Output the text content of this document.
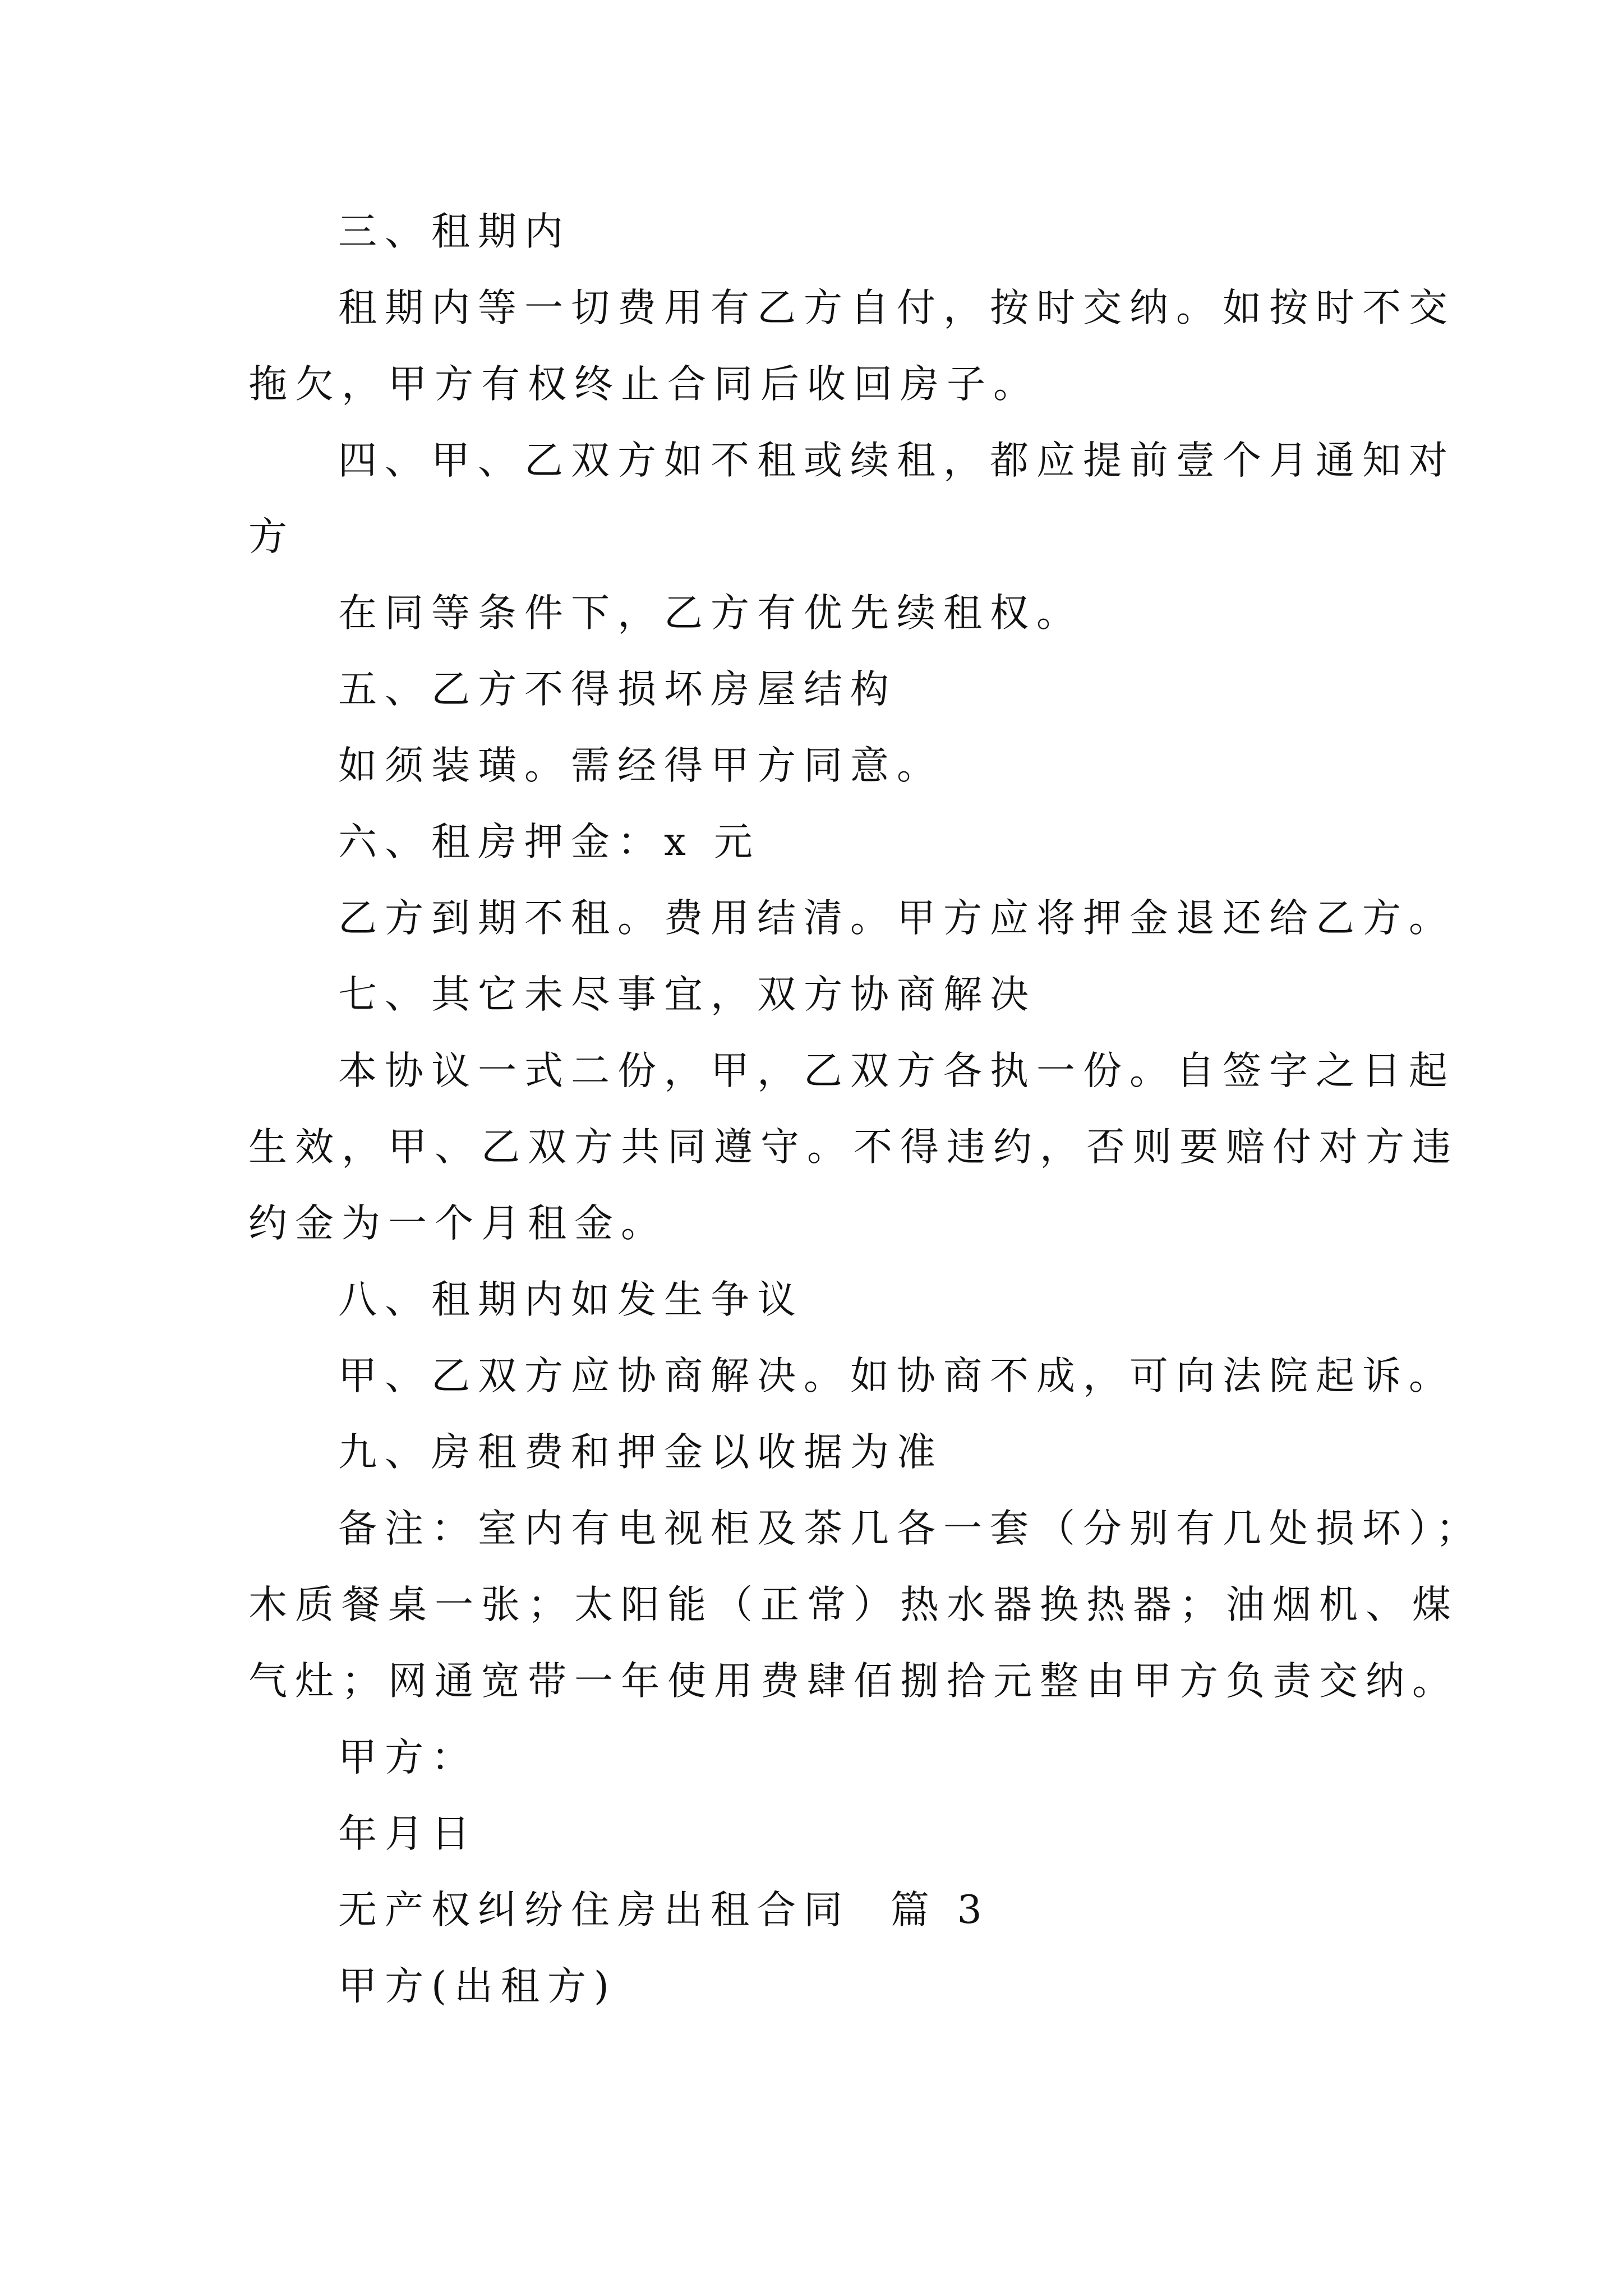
三、租期内
租期内等一切费用有乙方自付，按时交纳。如按时不交
拖欠，甲方有权终止合同后收回房子。
四、甲、乙双方如不租或续租，都应提前壹个月通知对
方
在同等条件下，乙方有优先续租权。
五、乙方不得损坏房屋结构
如须装璜。需经得甲方同意。
六、租房押金：x 元
乙方到期不租。费用结清。甲方应将押金退还给乙方。
七、其它未尽事宜，双方协商解决
本协议一式二份，甲，乙双方各执一份。自签字之日起
生效，甲、乙双方共同遵守。不得违约，否则要赔付对方违
约金为一个月租金。
八、租期内如发生争议
甲、乙双方应协商解决。如协商不成，可向法院起诉。
九、房租费和押金以收据为准
备注：室内有电视柜及茶几各一套（分别有几处损坏）；
木质餐桌一张；太阳能（正常）热水器换热器；油烟机、煤
气灶；网通宽带一年使用费肆佰捌拾元整由甲方负责交纳。
甲方：
年月日
无产权纠纷住房出租合同  篇 3
甲方(出租方)
